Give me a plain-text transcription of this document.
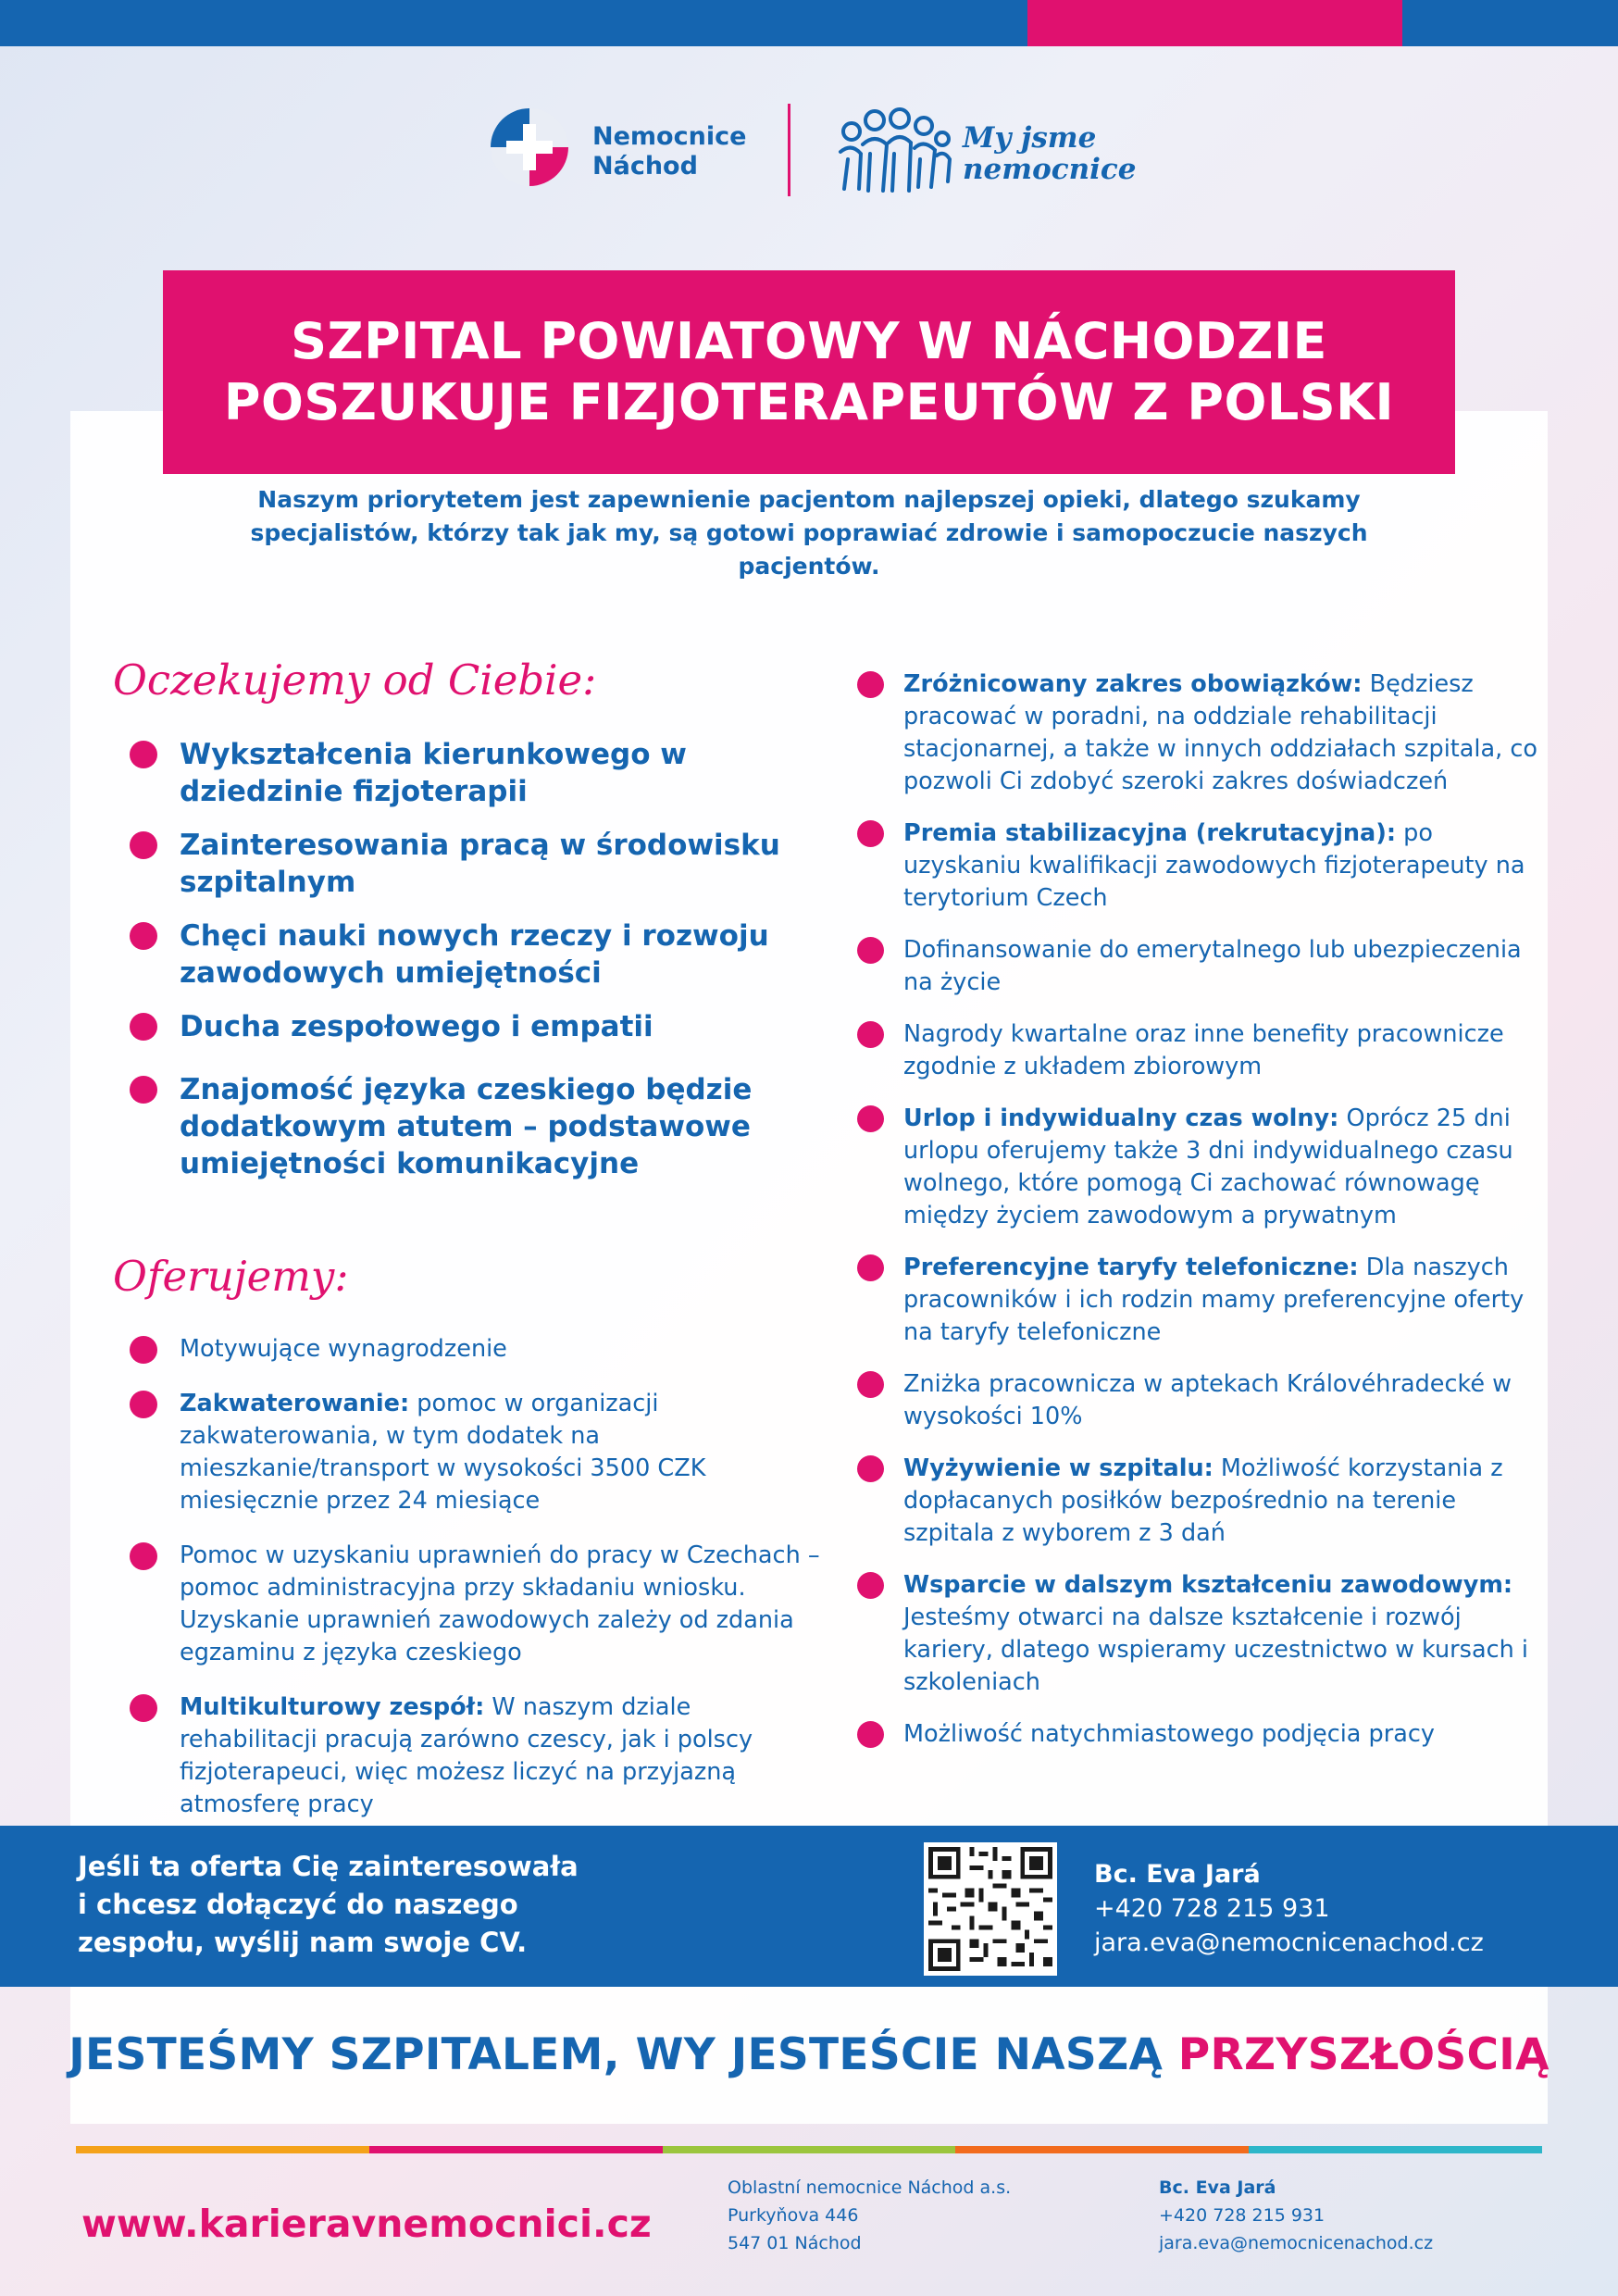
Nemocnice
Náchod
My jsme
nemocnice
SZPITAL POWIATOWY W NÁCHODZIE
POSZUKUJE FIZJOTERAPEUTÓW Z POLSKI
Naszym priorytetem jest zapewnienie pacjentom najlepszej opieki, dlatego szukamy specjalistów, którzy tak jak my, są gotowi poprawiać zdrowie i samopoczucie naszych pacjentów.
Oczekujemy od Ciebie:
Wykształcenia kierunkowego w dziedzinie fizjoterapii
Zainteresowania pracą w środowisku szpitalnym
Chęci nauki nowych rzeczy i rozwoju zawodowych umiejętności
Ducha zespołowego i empatii
Znajomość języka czeskiego będzie dodatkowym atutem – podstawowe umiejętności komunikacyjne
Oferujemy:
Motywujące wynagrodzenie
Zakwaterowanie: pomoc w organizacji zakwaterowania, w tym dodatek na mieszkanie/transport w wysokości 3500 CZK miesięcznie przez 24 miesiące
Pomoc w uzyskaniu uprawnień do pracy w Czechach – pomoc administracyjna przy składaniu wniosku. Uzyskanie uprawnień zawodowych zależy od zdania egzaminu z języka czeskiego
Multikulturowy zespół: W naszym dziale rehabilitacji pracują zarówno czescy, jak i polscy fizjoterapeuci, więc możesz liczyć na przyjazną atmosferę pracy
Zróżnicowany zakres obowiązków: Będziesz pracować w poradni, na oddziale rehabilitacji stacjonarnej, a także w innych oddziałach szpitala, co pozwoli Ci zdobyć szeroki zakres doświadczeń
Premia stabilizacyjna (rekrutacyjna): po uzyskaniu kwalifikacji zawodowych fizjoterapeuty na terytorium Czech
Dofinansowanie do emerytalnego lub ubezpieczenia na życie
Nagrody kwartalne oraz inne benefity pracownicze zgodnie z układem zbiorowym
Urlop i indywidualny czas wolny: Oprócz 25 dni urlopu oferujemy także 3 dni indywidualnego czasu wolnego, które pomogą Ci zachować równowagę między życiem zawodowym a prywatnym
Preferencyjne taryfy telefoniczne: Dla naszych pracowników i ich rodzin mamy preferencyjne oferty na taryfy telefoniczne
Zniżka pracownicza w aptekach Královéhradecké w wysokości 10%
Wyżywienie w szpitalu: Możliwość korzystania z dopłacanych posiłków bezpośrednio na terenie szpitala z wyborem z 3 dań
Wsparcie w dalszym kształceniu zawodowym: Jesteśmy otwarci na dalsze kształcenie i rozwój kariery, dlatego wspieramy uczestnictwo w kursach i szkoleniach
Możliwość natychmiastowego podjęcia pracy
Jeśli ta oferta Cię zainteresowała
i chcesz dołączyć do naszego
zespołu, wyślij nam swoje CV.
Bc. Eva Jará
+420 728 215 931
jara.eva@nemocnicenachod.cz
JESTEŚMY SZPITALEM, WY JESTEŚCIE NASZĄ PRZYSZŁOŚCIĄ
www.karieravnemocnici.cz
Oblastní nemocnice Náchod a.s.
Purkyňova 446
547 01 Náchod
Bc. Eva Jará
+420 728 215 931
jara.eva@nemocnicenachod.cz
